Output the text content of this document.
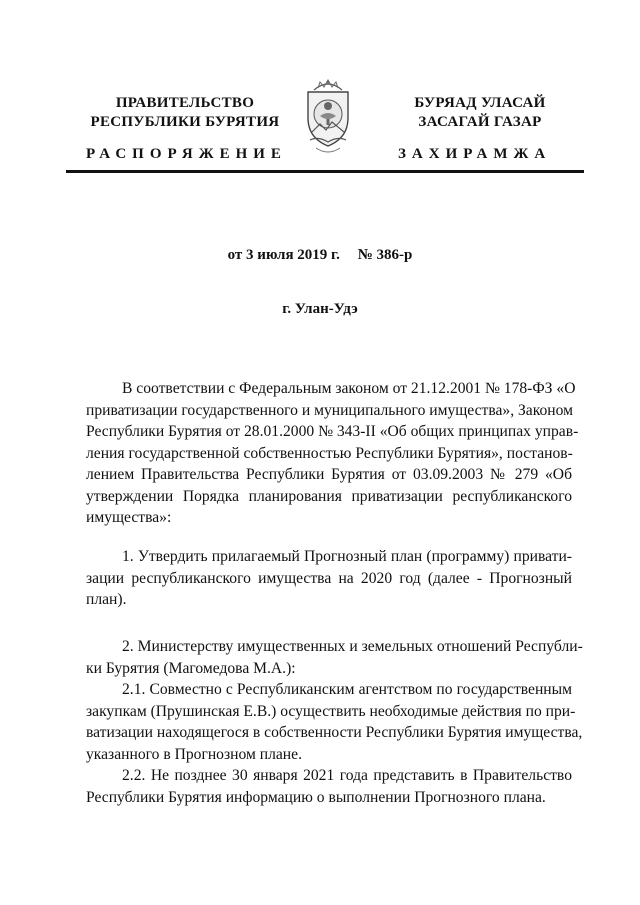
ПРАВИТЕЛЬСТВО
РЕСПУБЛИКИ БУРЯТИЯ
БУРЯАД УЛАСАЙ
ЗАСАГАЙ ГАЗАР
РАСПОРЯЖЕНИЕ	ЗАХИРАМЖА
от 3 июля 2019 г. № 386-р
г. Улан-Удэ
В соответствии с Федеральным законом от 21.12.2001 № 178-ФЗ «О
приватизации государственного и муниципального имущества», Законом
Республики Бурятия от 28.01.2000 № 343-II «Об общих принципах управ-
ления государственной собственностью Республики Бурятия», постанов-
лением Правительства Республики Бурятия от 03.09.2003 № 279 «Об
утверждении Порядка планирования приватизации республиканского
имущества»:
1. Утвердить прилагаемый Прогнозный план (программу) привати-
зации республиканского имущества на 2020 год (далее - Прогнозный
план).
2. Министерству имущественных и земельных отношений Республи-
ки Бурятия (Магомедова М.А.):
2.1. Совместно с Республиканским агентством по государственным
закупкам (Прушинская Е.В.) осуществить необходимые действия по при-
ватизации находящегося в собственности Республики Бурятия имущества,
указанного в Прогнозном плане.
2.2. Не позднее 30 января 2021 года представить в Правительство
Республики Бурятия информацию о выполнении Прогнозного плана.
